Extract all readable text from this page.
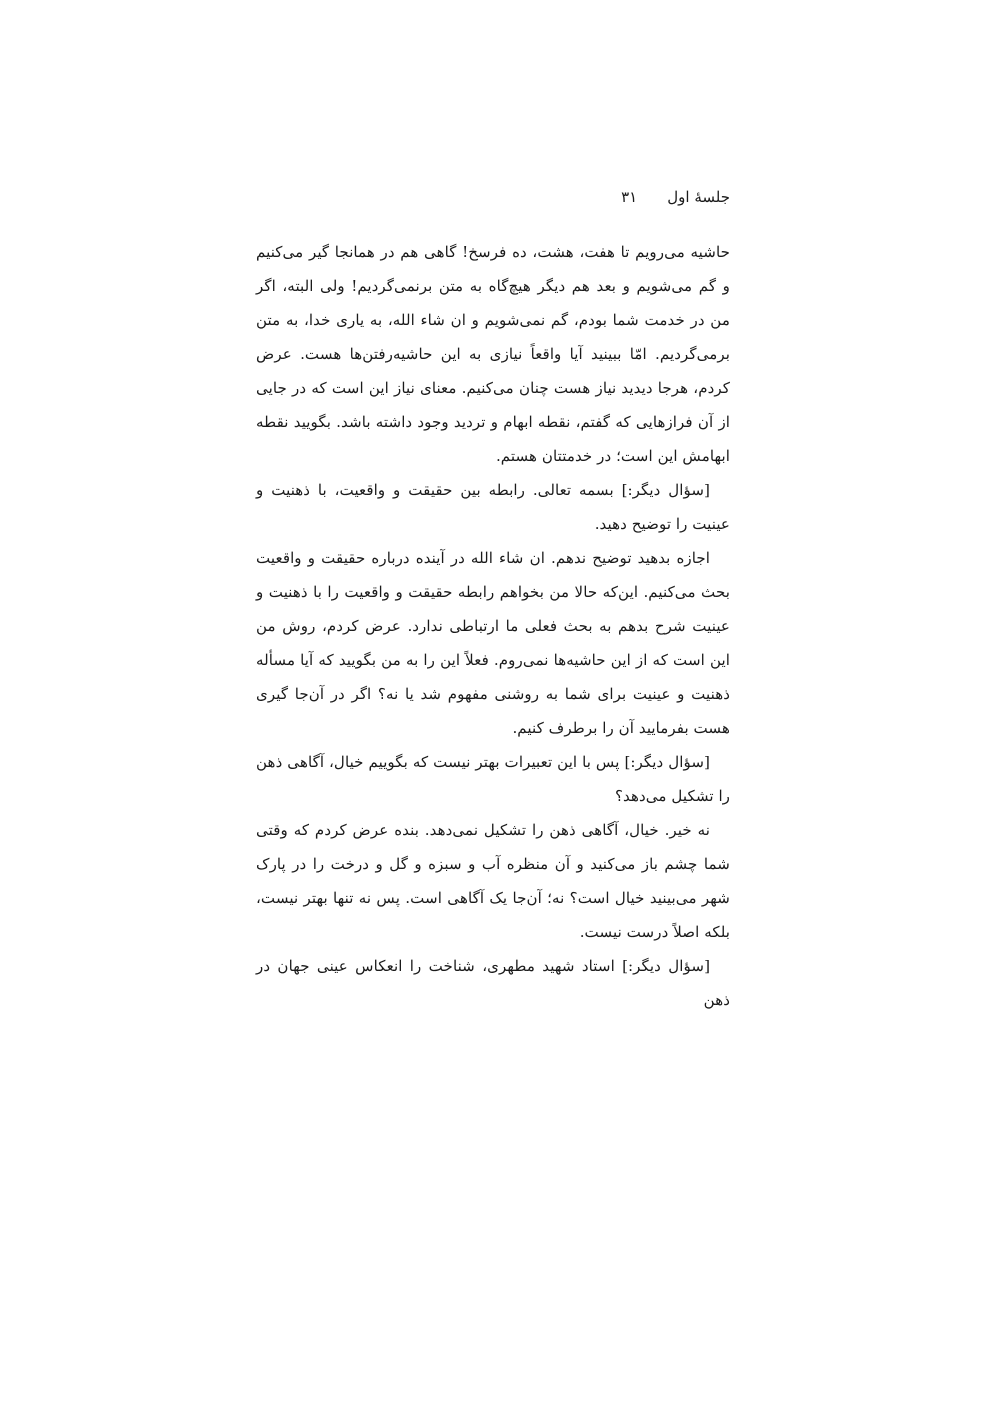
جلسهٔ اول
۳۱

حاشیه می‌رویم تا هفت، هشت، ده فرسخ! گاهی هم در همانجا گیر می‌کنیم و گم می‌شویم و بعد هم دیگر هیچ‌گاه به متن برنمی‌گردیم! ولی البته، اگر من در خدمت شما بودم، گم نمی‌شویم و ان شاء الله، به یاری خدا، به متن برمی‌گردیم. امّا ببینید آیا واقعاً نیازی به این حاشیه‌رفتن‌ها هست. عرض کردم، هرجا دیدید نیاز هست چنان می‌کنیم. معنای نیاز این است که در جایی از آن فرازهایی که گفتم، نقطه ابهام و تردید وجود داشته باشد. بگویید نقطه ابهامش این است؛ در خدمتتان هستم.

[سؤال دیگر:] بسمه تعالی. رابطه بین حقیقت و واقعیت، با ذهنیت و عینیت را توضیح دهید.

اجازه بدهید توضیح ندهم. ان شاء الله در آینده درباره حقیقت و واقعیت بحث می‌کنیم. این‌که حالا من بخواهم رابطه حقیقت و واقعیت را با ذهنیت و عینیت شرح بدهم به بحث فعلی ما ارتباطی ندارد. عرض کردم، روش من این است که از این حاشیه‌ها نمی‌روم. فعلاً این را به من بگویید که آیا مسأله ذهنیت و عینیت برای شما به روشنی مفهوم شد یا نه؟ اگر در آن‌جا گیری هست بفرمایید آن را برطرف کنیم.

[سؤال دیگر:] پس با این تعبیرات بهتر نیست که بگوییم خیال، آگاهی ذهن را تشکیل می‌دهد؟

نه خیر. خیال، آگاهی ذهن را تشکیل نمی‌دهد. بنده عرض کردم که وقتی شما چشم باز می‌کنید و آن منظره آب و سبزه و گل و درخت را در پارک شهر می‌بینید خیال است؟ نه؛ آن‌جا یک آگاهی است. پس نه تنها بهتر نیست، بلکه اصلاً درست نیست.

[سؤال دیگر:] استاد شهید مطهری، شناخت را انعکاس عینی جهان در ذهن
